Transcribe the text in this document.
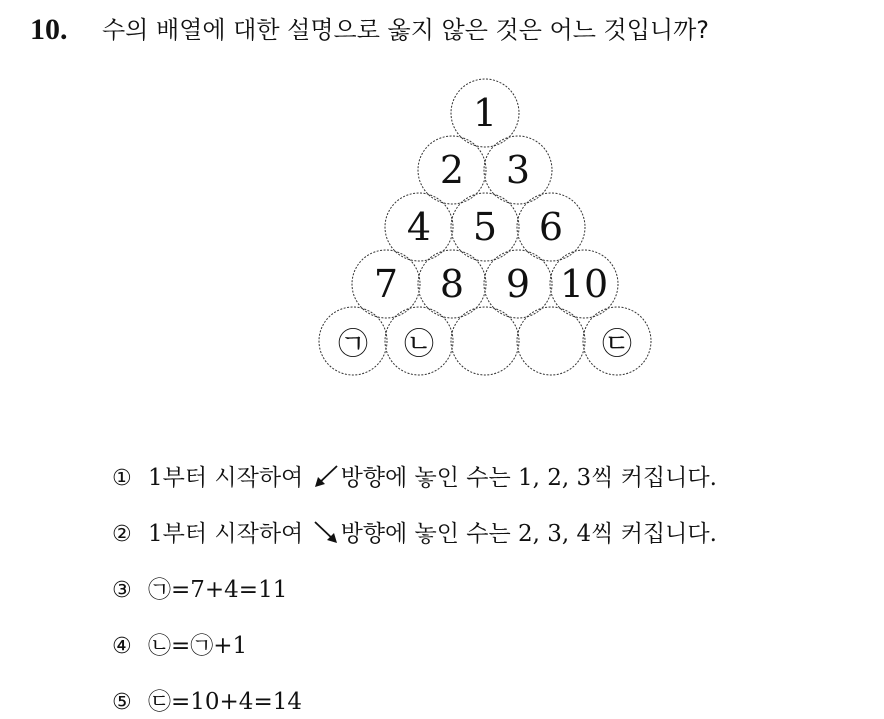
10. 수의 배열에 대한 설명으로 옳지 않은 것은 어느 것입니까?
1
2 3
4 5 6
7 8 9 10
㉠ ㉡	㉢
① 1부터 시작하여 방향에 놓인 수는 1, 2, 3씩 커집니다.
② 1부터 시작하여 방향에 놓인 수는 2, 3, 4씩 커집니다.
③ ㉠=7+4=11
④ ㉡=㉠+1
⑤ ㉢=10+4=14
